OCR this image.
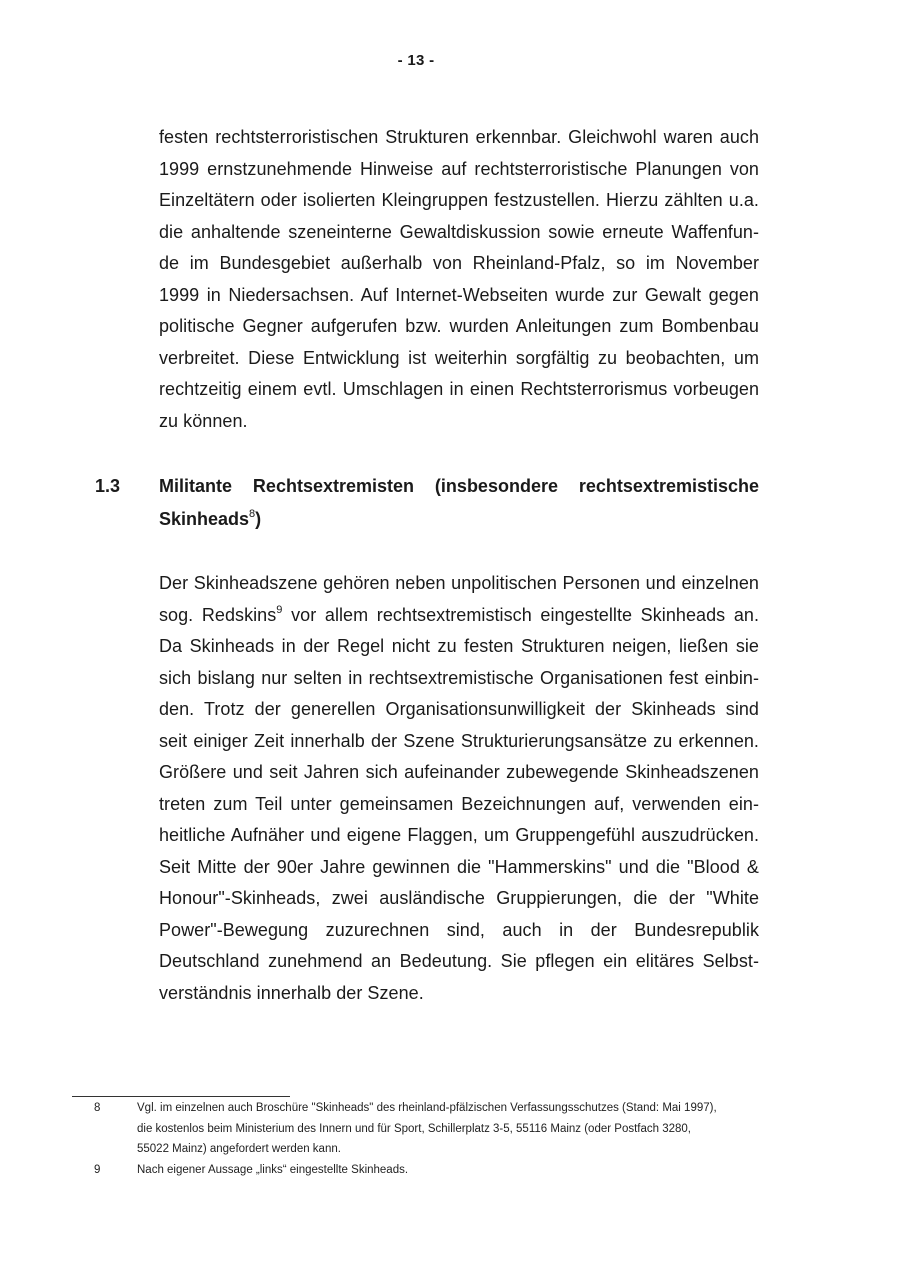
- 13 -
festen rechtsterroristischen Strukturen erkennbar. Gleichwohl waren auch
1999 ernstzunehmende Hinweise auf rechtsterroristische Planungen von
Einzeltätern oder isolierten Kleingruppen festzustellen. Hierzu zählten u.a.
die anhaltende szeneinterne Gewaltdiskussion sowie erneute Waffenfun-
de im Bundesgebiet außerhalb von Rheinland-Pfalz, so im November
1999 in Niedersachsen. Auf Internet-Webseiten wurde zur Gewalt gegen
politische Gegner aufgerufen bzw. wurden Anleitungen zum Bombenbau
verbreitet. Diese Entwicklung ist weiterhin sorgfältig zu beobachten, um
rechtzeitig einem evtl. Umschlagen in einen Rechtsterrorismus vorbeugen
zu können.
1.3 Militante Rechtsextremisten (insbesondere rechtsextremistische
Skinheads$^8$)
Der Skinheadszene gehören neben unpolitischen Personen und einzelnen
sog. Redskins$^9$ vor allem rechtsextremistisch eingestellte Skinheads an.
Da Skinheads in der Regel nicht zu festen Strukturen neigen, ließen sie
sich bislang nur selten in rechtsextremistische Organisationen fest einbin-
den. Trotz der generellen Organisationsunwilligkeit der Skinheads sind
seit einiger Zeit innerhalb der Szene Strukturierungsansätze zu erkennen.
Größere und seit Jahren sich aufeinander zubewegende Skinheadszenen
treten zum Teil unter gemeinsamen Bezeichnungen auf, verwenden ein-
heitliche Aufnäher und eigene Flaggen, um Gruppengefühl auszudrücken.
Seit Mitte der 90er Jahre gewinnen die "Hammerskins" und die "Blood &
Honour"-Skinheads, zwei ausländische Gruppierungen, die der "White
Power"-Bewegung zuzurechnen sind, auch in der Bundesrepublik
Deutschland zunehmend an Bedeutung. Sie pflegen ein elitäres Selbst-
verständnis innerhalb der Szene.
8	Vgl. im einzelnen auch Broschüre "Skinheads" des rheinland-pfälzischen Verfassungsschutzes (Stand: Mai 1997),
die kostenlos beim Ministerium des Innern und für Sport, Schillerplatz 3-5, 55116 Mainz (oder Postfach 3280,
55022 Mainz) angefordert werden kann.
9	Nach eigener Aussage „links“ eingestellte Skinheads.
